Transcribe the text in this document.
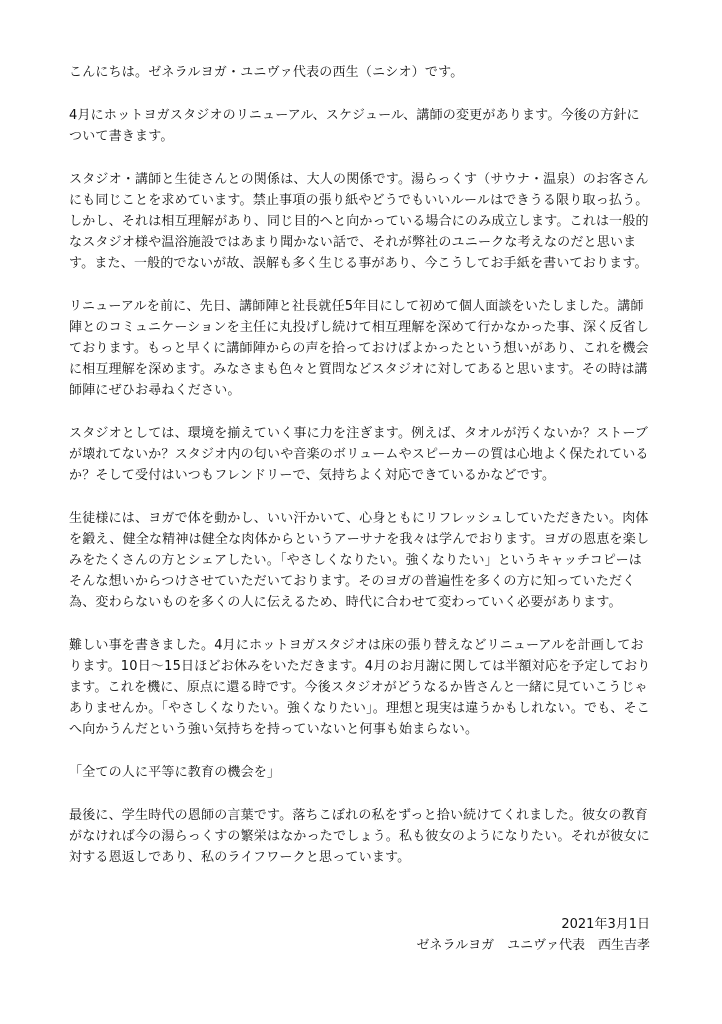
こんにちは。ゼネラルヨガ・ユニヴァ代表の西生（ニシオ）です。

4月にホットヨガスタジオのリニューアル、スケジュール、講師の変更があります。今後の方針について書きます。

スタジオ・講師と生徒さんとの関係は、大人の関係です。湯らっくす（サウナ・温泉）のお客さんにも同じことを求めています。禁止事項の張り紙やどうでもいいルールはできうる限り取っ払う。しかし、それは相互理解があり、同じ目的へと向かっている場合にのみ成立します。これは一般的なスタジオ様や温浴施設ではあまり聞かない話で、それが弊社のユニークな考えなのだと思います。また、一般的でないが故、誤解も多く生じる事があり、今こうしてお手紙を書いております。

リニューアルを前に、先日、講師陣と社長就任5年目にして初めて個人面談をいたしました。講師陣とのコミュニケーションを主任に丸投げし続けて相互理解を深めて行かなかった事、深く反省しております。もっと早くに講師陣からの声を拾っておけばよかったという想いがあり、これを機会に相互理解を深めます。みなさまも色々と質問などスタジオに対してあると思います。その時は講師陣にぜひお尋ねください。

スタジオとしては、環境を揃えていく事に力を注ぎます。例えば、タオルが汚くないか？ストーブが壊れてないか？スタジオ内の匂いや音楽のボリュームやスピーカーの質は心地よく保たれているか？そして受付はいつもフレンドリーで、気持ちよく対応できているかなどです。

生徒様には、ヨガで体を動かし、いい汗かいて、心身ともにリフレッシュしていただきたい。肉体を鍛え、健全な精神は健全な肉体からというアーサナを我々は学んでおります。ヨガの恩恵を楽しみをたくさんの方とシェアしたい。「やさしくなりたい。強くなりたい」というキャッチコピーはそんな想いからつけさせていただいております。そのヨガの普遍性を多くの方に知っていただく為、変わらないものを多くの人に伝えるため、時代に合わせて変わっていく必要があります。

難しい事を書きました。4月にホットヨガスタジオは床の張り替えなどリニューアルを計画しております。10日〜15日ほどお休みをいただきます。4月のお月謝に関しては半額対応を予定しております。これを機に、原点に還る時です。今後スタジオがどうなるか皆さんと一緒に見ていこうじゃありませんか。「やさしくなりたい。強くなりたい」。理想と現実は違うかもしれない。でも、そこへ向かうんだという強い気持ちを持っていないと何事も始まらない。

「全ての人に平等に教育の機会を」

最後に、学生時代の恩師の言葉です。落ちこぼれの私をずっと拾い続けてくれました。彼女の教育がなければ今の湯らっくすの繁栄はなかったでしょう。私も彼女のようになりたい。それが彼女に対する恩返しであり、私のライフワークと思っています。

2021年3月1日
ゼネラルヨガ　ユニヴァ代表　西生吉孝
